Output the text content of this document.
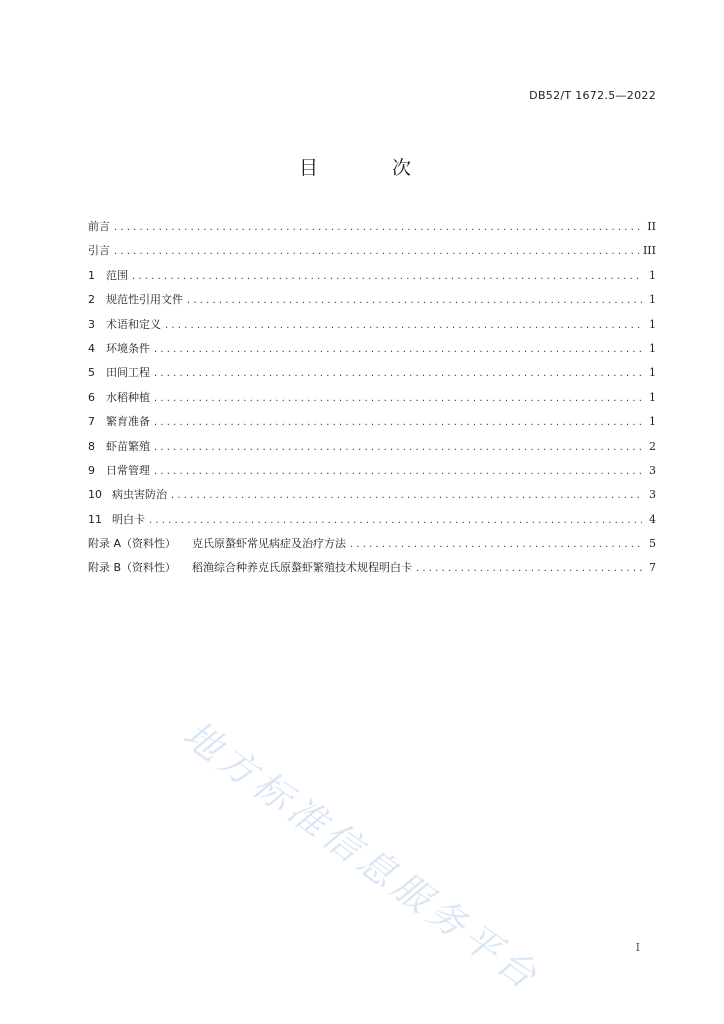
DB52/T 1672.5—2022
目 次
前言 .....	II
引言 .....	III
1	范围 .....	1
2	规范性引用文件 .....	1
3	术语和定义 .....	1
4	环境条件 .....	1
5	田间工程 .....	1
6	水稻种植 .....	1
7	繁育准备 .....	1
8	虾苗繁殖 .....	2
9	日常管理 .....	3
10 病虫害防治 .....	3
11 明白卡 .....	4
附录 A（资料性） 克氏原螯虾常见病症及治疗方法 .....	5
附录 B（资料性） 稻渔综合种养克氏原螯虾繁殖技术规程明白卡 .....	7
地方标准信息服务平台	I
